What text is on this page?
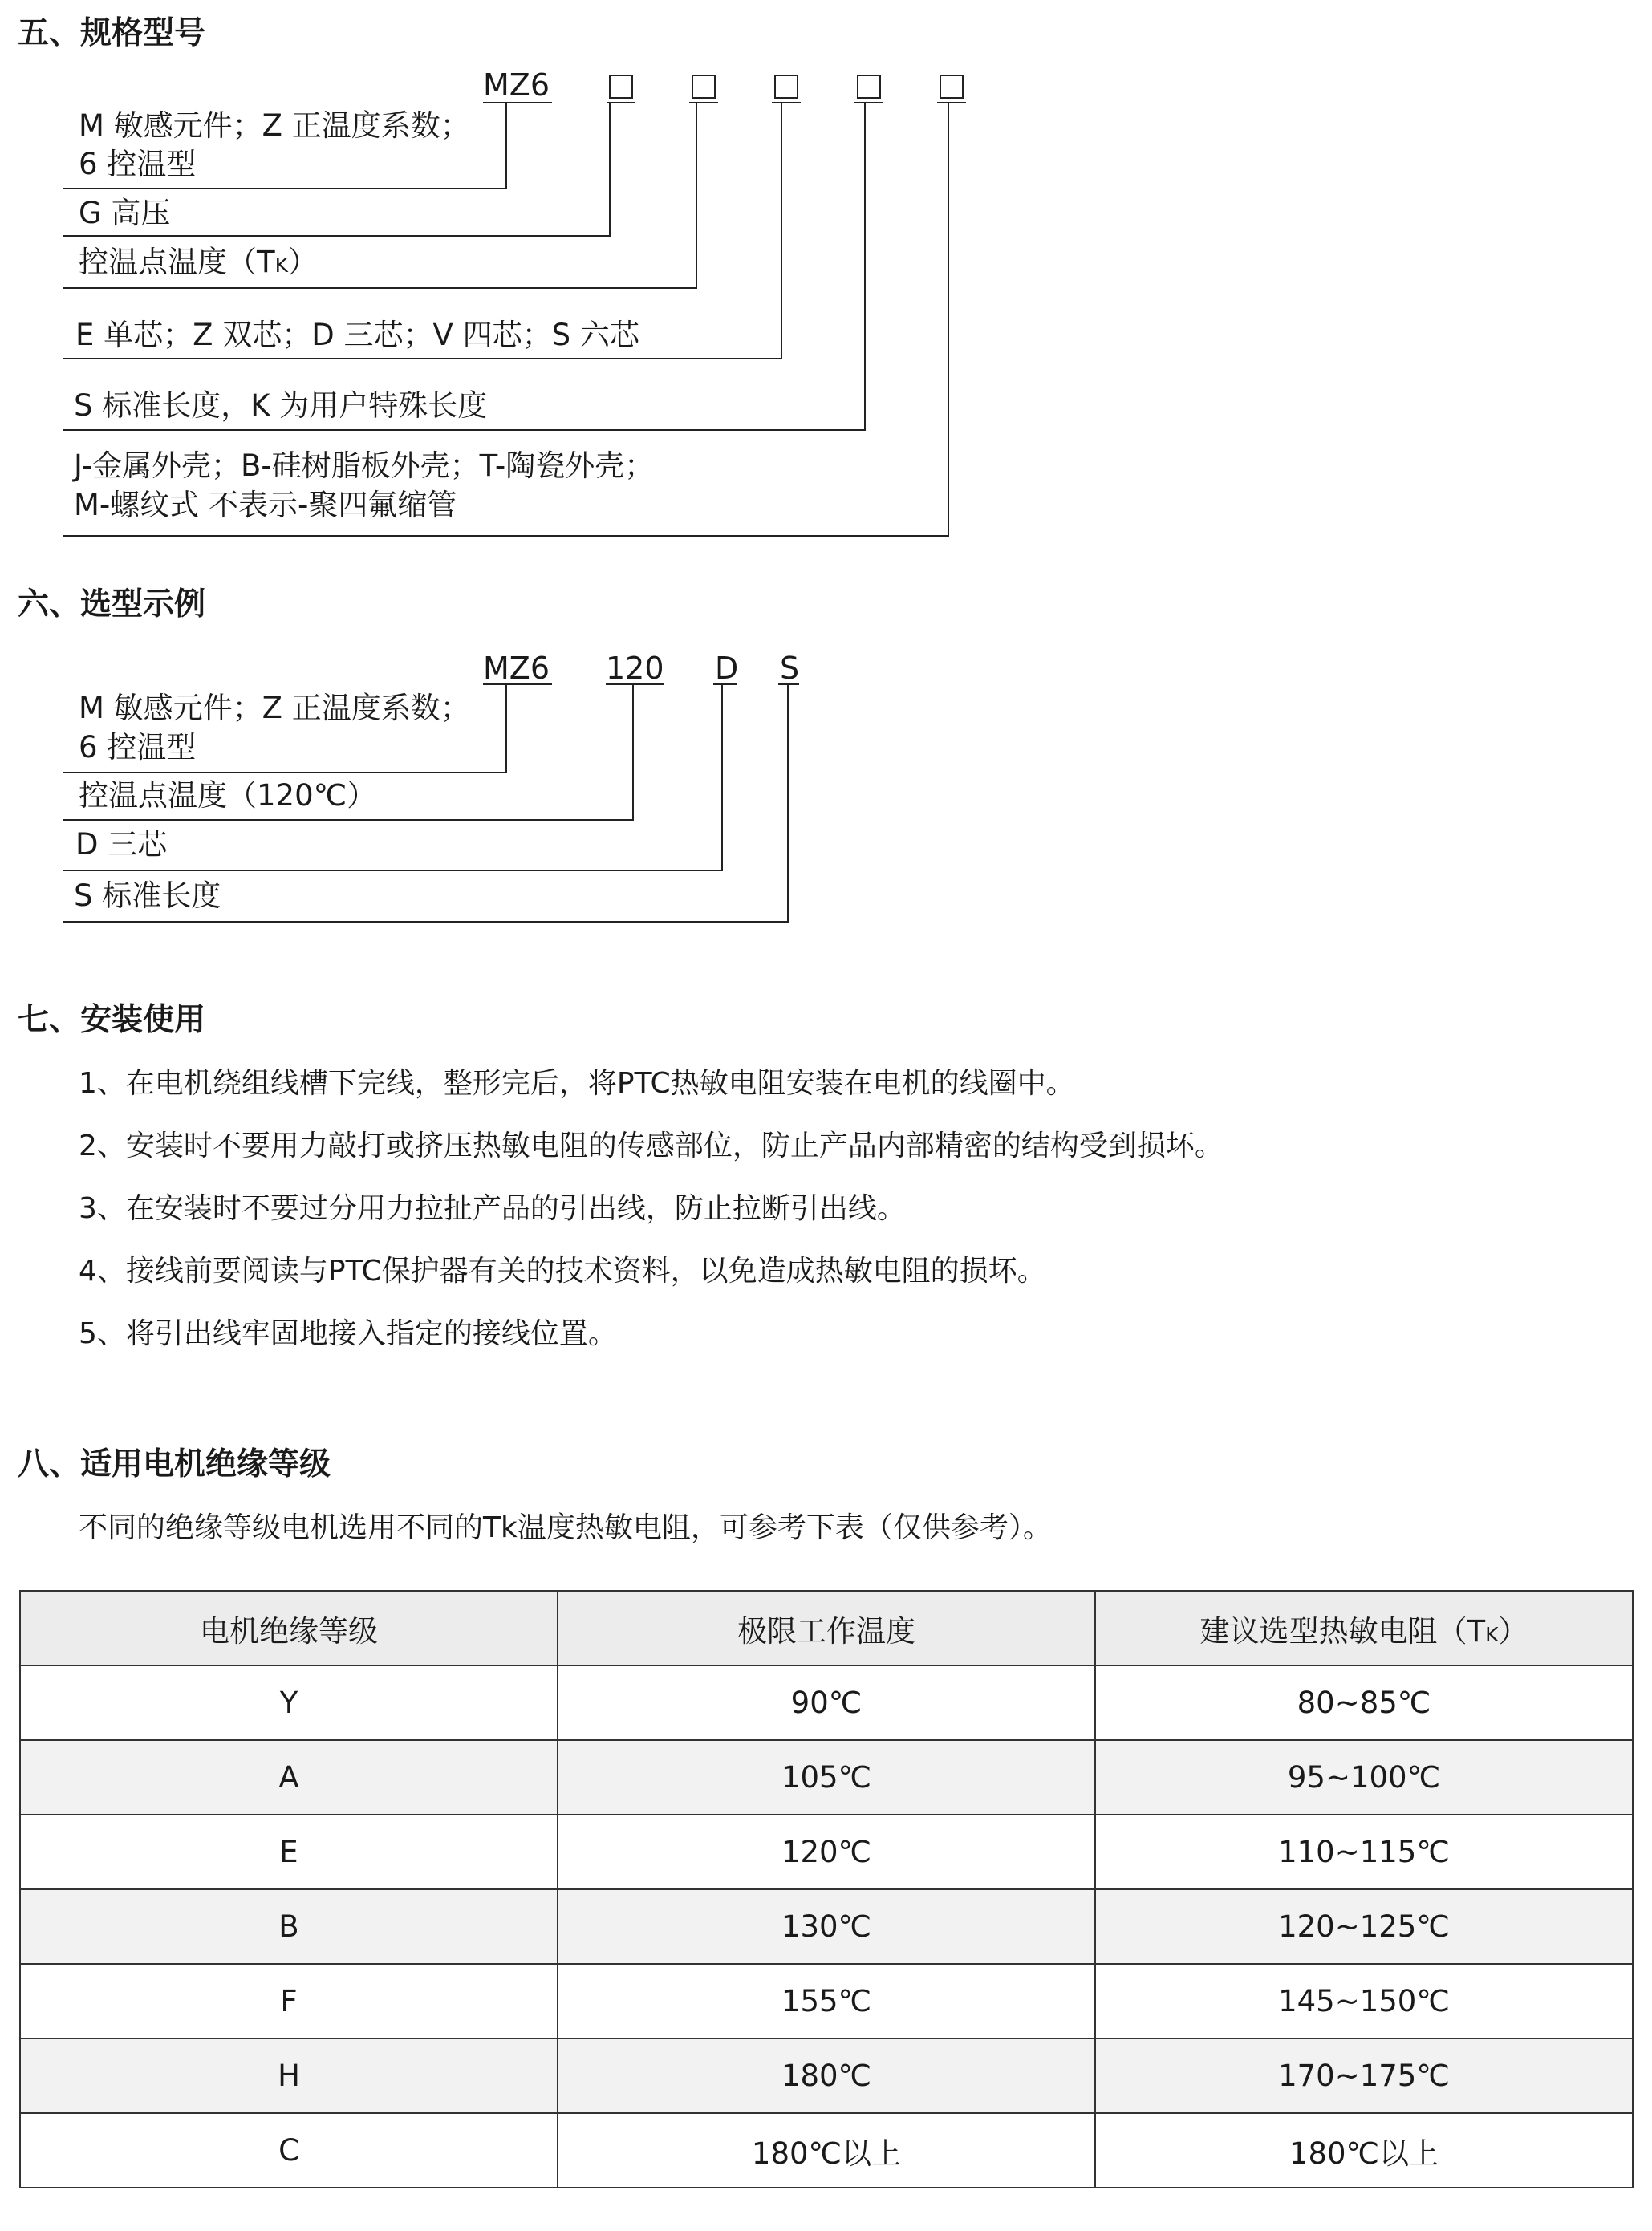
五、规格型号
MZ6
M 敏感元件；Z 正温度系数；
6 控温型
G 高压
控温点温度（TK）
E 单芯；Z 双芯；D 三芯；V 四芯；S 六芯
S 标准长度，K 为用户特殊长度
J-金属外壳；B-硅树脂板外壳；T-陶瓷外壳；
M-螺纹式 不表示-聚四氟缩管
六、选型示例
MZ6 120 D S
M 敏感元件；Z 正温度系数；
6 控温型
控温点温度（120℃）
D 三芯
S 标准长度
七、安装使用
1、在电机绕组线槽下完线，整形完后，将PTC热敏电阻安装在电机的线圈中。
2、安装时不要用力敲打或挤压热敏电阻的传感部位，防止产品内部精密的结构受到损坏。
3、在安装时不要过分用力拉扯产品的引出线，防止拉断引出线。
4、接线前要阅读与PTC保护器有关的技术资料，以免造成热敏电阻的损坏。
5、将引出线牢固地接入指定的接线位置。
八、适用电机绝缘等级
不同的绝缘等级电机选用不同的Tk温度热敏电阻，可参考下表（仅供参考）。
电机绝缘等级	极限工作温度	建议选型热敏电阻（TK）
Y	90℃	80~85℃
A	105℃	95~100℃
E	120℃	110~115℃
B	130℃	120~125℃
F	155℃	145~150℃
H	180℃	170~175℃
C	180℃以上	180℃以上
